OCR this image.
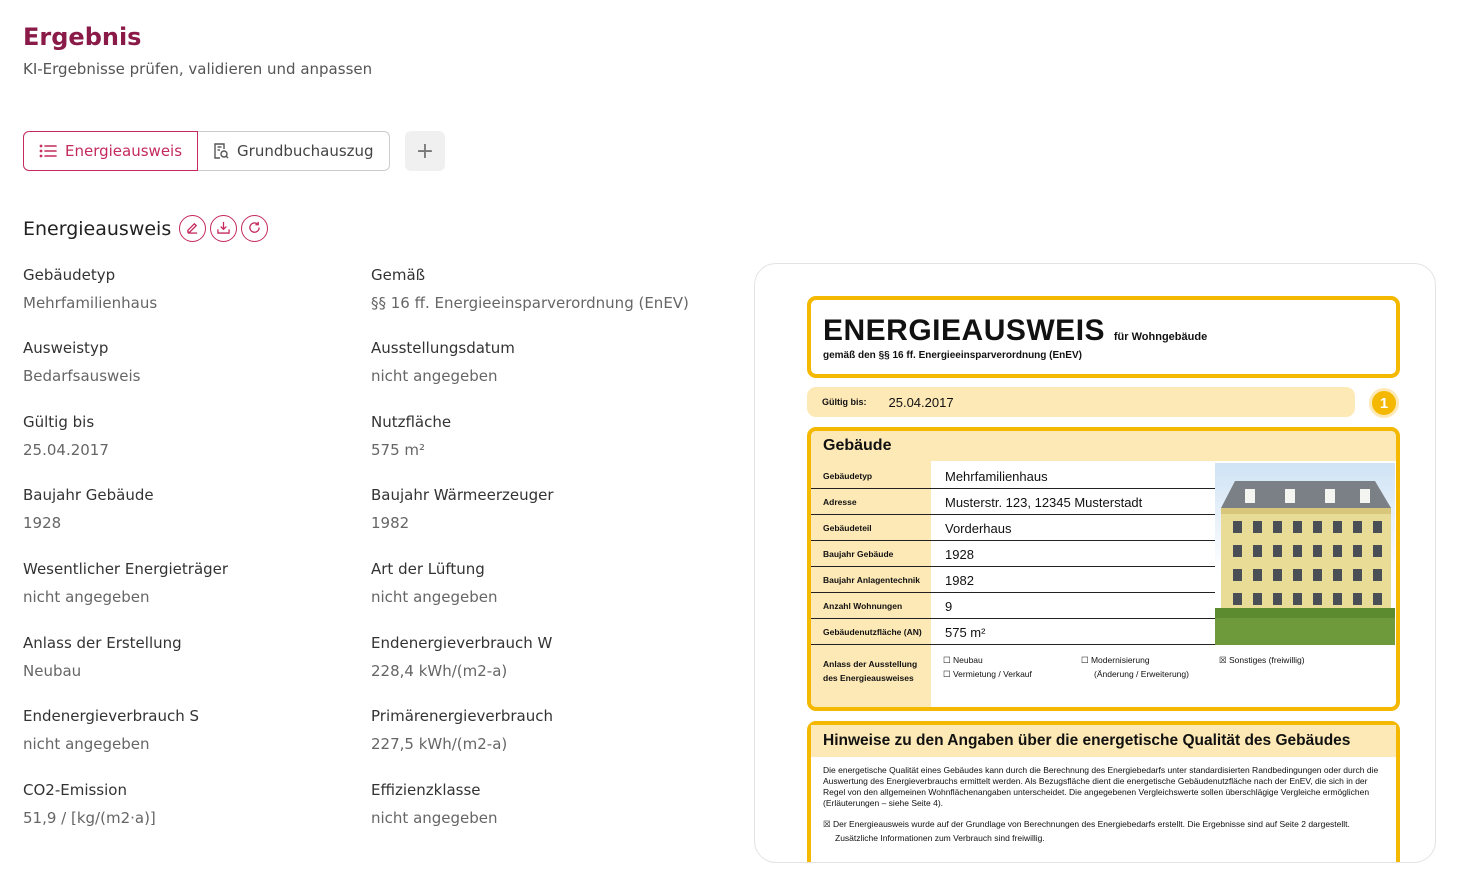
Ergebnis
KI-Ergebnisse prüfen, validieren und anpassen
Energieausweis	Grundbuchauszug +
Energieausweis
Gebäudetyp
Mehrfamilienhaus
Gemäß
§§ 16 ff. Energieeinsparverordnung (EnEV)
Ausweistyp
Bedarfsausweis
Ausstellungsdatum
nicht angegeben
Gültig bis
25.04.2017
Nutzfläche
575 m²
Baujahr Gebäude
1928
Baujahr Wärmeerzeuger
1982
Wesentlicher Energieträger
nicht angegeben
Art der Lüftung
nicht angegeben
Anlass der Erstellung
Neubau
Endenergieverbrauch W
228,4 kWh/(m2-a)
Endenergieverbrauch S
nicht angegeben
Primärenergieverbrauch
227,5 kWh/(m2-a)
CO2-Emission
51,9 / [kg/(m2·a)]
Effizienzklasse
nicht angegeben
ENERGIEAUSWEIS für Wohngebäude
gemäß den §§ 16 ff. Energieeinsparverordnung (EnEV)
Gültig bis: 25.04.2017	1
Gebäude
Gebäudetyp	Mehrfamilienhaus
Adresse	Musterstr. 123, 12345 Musterstadt
Gebäudeteil	Vorderhaus
Baujahr Gebäude	1928
Baujahr Anlagentechnik 1982
Anzahl Wohnungen	9
Gebäudenutzfläche (AN) 575 m²
Anlass der Ausstellung
des Energieausweises
☐ Neubau
☐ Vermietung / Verkauf
☐ Modernisierung
(Änderung / Erweiterung)
☒ Sonstiges (freiwillig)
Hinweise zu den Angaben über die energetische Qualität des Gebäudes
Die energetische Qualität eines Gebäudes kann durch die Berechnung des Energiebedarfs unter standardisierten Randbedingungen oder durch die Auswertung des Energieverbrauchs ermittelt werden. Als Bezugsfläche dient die energetische Gebäudenutzfläche nach der EnEV, die sich in der Regel von den allgemeinen Wohnflächenangaben unterscheidet. Die angegebenen Vergleichswerte sollen überschlägige Vergleiche ermöglichen (Erläuterungen – siehe Seite 4).
☒ Der Energieausweis wurde auf der Grundlage von Berechnungen des Energiebedarfs erstellt. Die Ergebnisse sind auf Seite 2 dargestellt.
Zusätzliche Informationen zum Verbrauch sind freiwillig.
